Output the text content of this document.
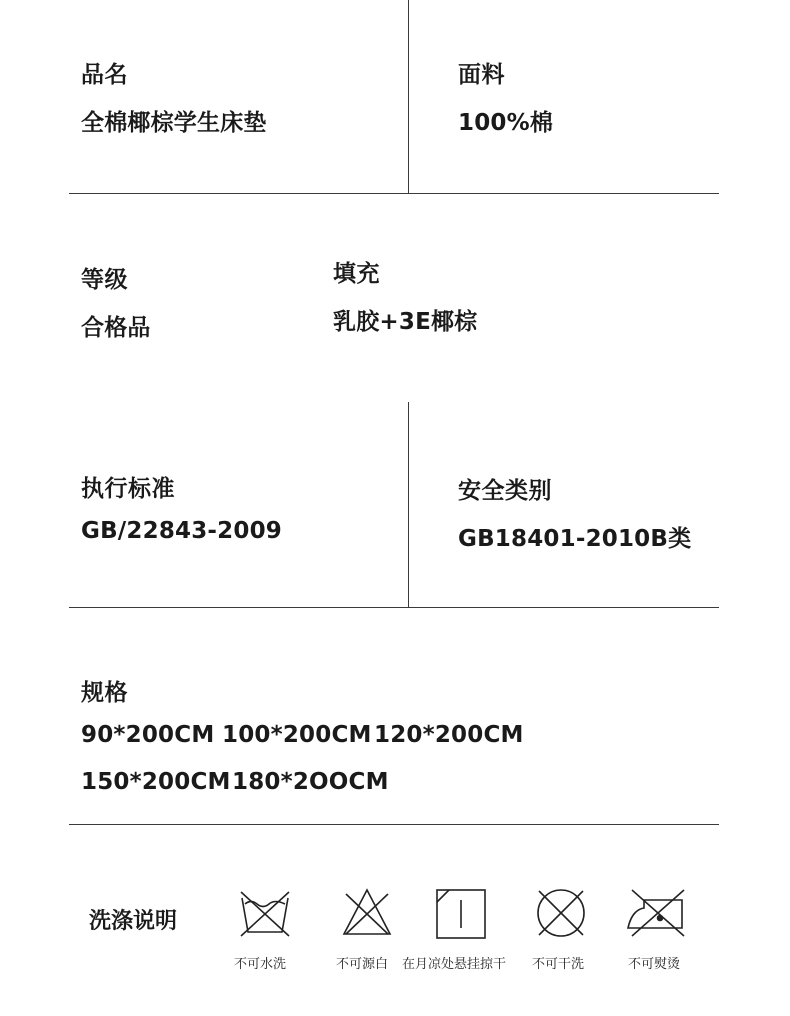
品名
全棉椰棕学生床垫
面料
100%棉
等级
合格品
填充
乳胶+3E椰棕
执行标准
GB/22843-2009
安全类别
GB18401-2010B类
规格
90*200CM 100*200CM 120*200CM
150*200CM 180*2OOCM
洗涤说明
不可水洗	不可源白 在月凉处悬挂掠干 不可干洗	不可熨烫
